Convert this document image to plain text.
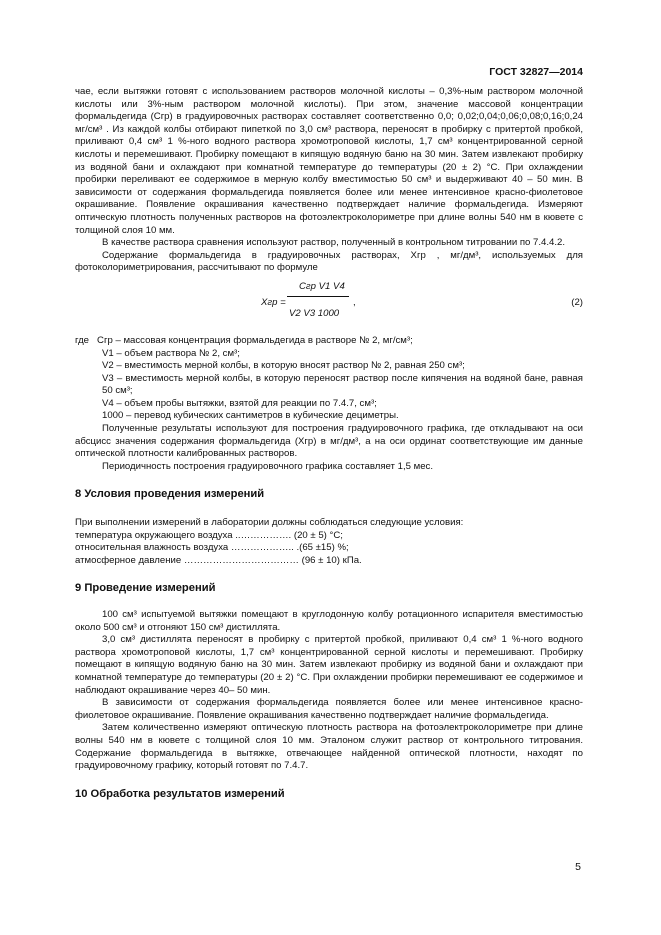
ГОСТ 32827—2014

чае, если вытяжки готовят с использованием растворов молочной кислоты – 0,3%-ным раствором молочной кислоты или 3%-ным раствором молочной кислоты). При этом, значение массовой концентрации формальдегида (Cгр) в градуировочных растворах составляет соответственно 0,0; 0,02;0,04;0,06;0,08;0,16;0,24 мг/см³ . Из каждой колбы отбирают пипеткой по 3,0 см³ раствора, переносят в пробирку с притертой пробкой, приливают 0,4 см³ 1 %-ного водного раствора хромотроповой кислоты, 1,7 см³ концентрированной серной кислоты и перемешивают. Пробирку помещают в кипящую водяную баню на 30 мин. Затем извлекают пробирку из водяной бани и охлаждают при комнатной температуре до температуры (20 ± 2) °С. При охлаждении пробирки переливают ее содержимое в мерную колбу вместимостью 50 см³ и выдерживают 40 – 50 мин. В зависимости от содержания формальдегида появляется более или менее интенсивное красно-фиолетовое окрашивание. Появление окрашивания качественно подтверждает наличие формальдегида. Измеряют оптическую плотность полученных растворов на фотоэлектроколориметре при длине волны 540 нм в кювете с толщиной слоя 10 мм.

В качестве раствора сравнения используют раствор, полученный в контрольном титровании по 7.4.4.2.

Содержание формальдегида в градуировочных растворах, Xгр , мг/дм³, используемых для фотоколориметрирования, рассчитывают по формуле

Xгр =
Cгр V1 V4
V2 V3 1000
,	(2)

где Cгр – массовая концентрация формальдегида в растворе № 2, мг/см³;

V1 – объем раствора № 2, см³;

V2 – вместимость мерной колбы, в которую вносят раствор № 2, равная 250 см³;

V3 – вместимость мерной колбы, в которую переносят раствор после кипячения на водяной бане, равная 50 см³;

V4 – объем пробы вытяжки, взятой для реакции по 7.4.7, см³;

1000 – перевод кубических сантиметров в кубические дециметры.

Полученные результаты используют для построения градуировочного графика, где откладывают на оси абсцисс значения содержания формальдегида (Xгр) в мг/дм³, а на оси ординат соответствующие им данные оптической плотности калиброванных растворов.

Периодичность построения градуировочного графика составляет 1,5 мес.

8 Условия проведения измерений

При выполнении измерений в лаборатории должны соблюдаться следующие условия:

температура окружающего воздуха ..……………. (20 ± 5) °С;

относительная влажность воздуха ……………….. .(65 ±15) %;

атмосферное давление ……………………………… (96 ± 10) кПа.

9 Проведение измерений

100 см³ испытуемой вытяжки помещают в круглодонную колбу ротационного испарителя вместимостью около 500 см³ и отгоняют 150 см³ дистиллята.

3,0 см³ дистиллята переносят в пробирку с притертой пробкой, приливают 0,4 см³ 1 %-ного водного раствора хромотроповой кислоты, 1,7 см³ концентрированной серной кислоты и перемешивают. Пробирку помещают в кипящую водяную баню на 30 мин. Затем извлекают пробирку из водяной бани и охлаждают при комнатной температуре до температуры (20 ± 2) °С. При охлаждении пробирки перемешивают ее содержимое и наблюдают окрашивание через 40– 50 мин.

В зависимости от содержания формальдегида появляется более или менее интенсивное красно-фиолетовое окрашивание. Появление окрашивания качественно подтверждает наличие формальдегида.

Затем количественно измеряют оптическую плотность раствора на фотоэлектроколориметре при длине волны 540 нм в кювете с толщиной слоя 10 мм. Эталоном служит раствор от контрольного титрования. Содержание формальдегида в вытяжке, отвечающее найденной оптической плотности, находят по градуировочному графику, который готовят по 7.4.7.

10 Обработка результатов измерений
5
